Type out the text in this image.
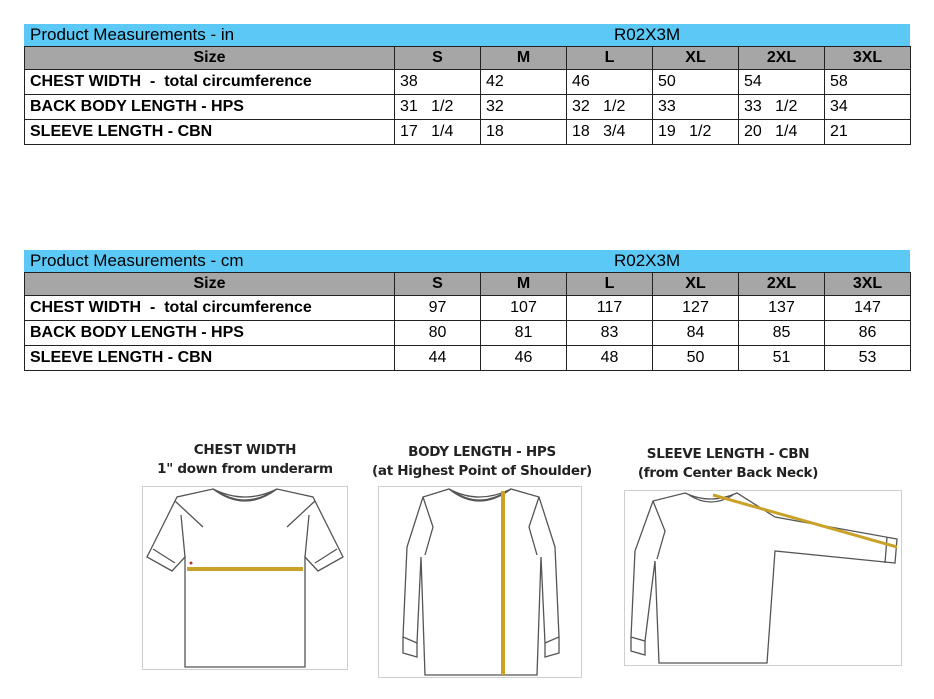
Product Measurements - in	R02X3M
Size	S	M	L	XL	2XL	3XL
CHEST WIDTH  -  total circumference	38	42	46	50	54	58
BACK BODY LENGTH - HPS	31   1/2	32	32   1/2	33	33   1/2	34
SLEEVE LENGTH - CBN	17   1/4	18	18   3/4	19   1/2	20   1/4	21
Product Measurements - cm	R02X3M
Size	S	M	L	XL	2XL	3XL
CHEST WIDTH  -  total circumference	97	107	117	127	137	147
BACK BODY LENGTH - HPS	80	81	83	84	85	86
SLEEVE LENGTH - CBN	44	46	48	50	51	53
CHEST WIDTH
1" down from underarm
BODY LENGTH - HPS
(at Highest Point of Shoulder)
SLEEVE LENGTH - CBN
(from Center Back Neck)
